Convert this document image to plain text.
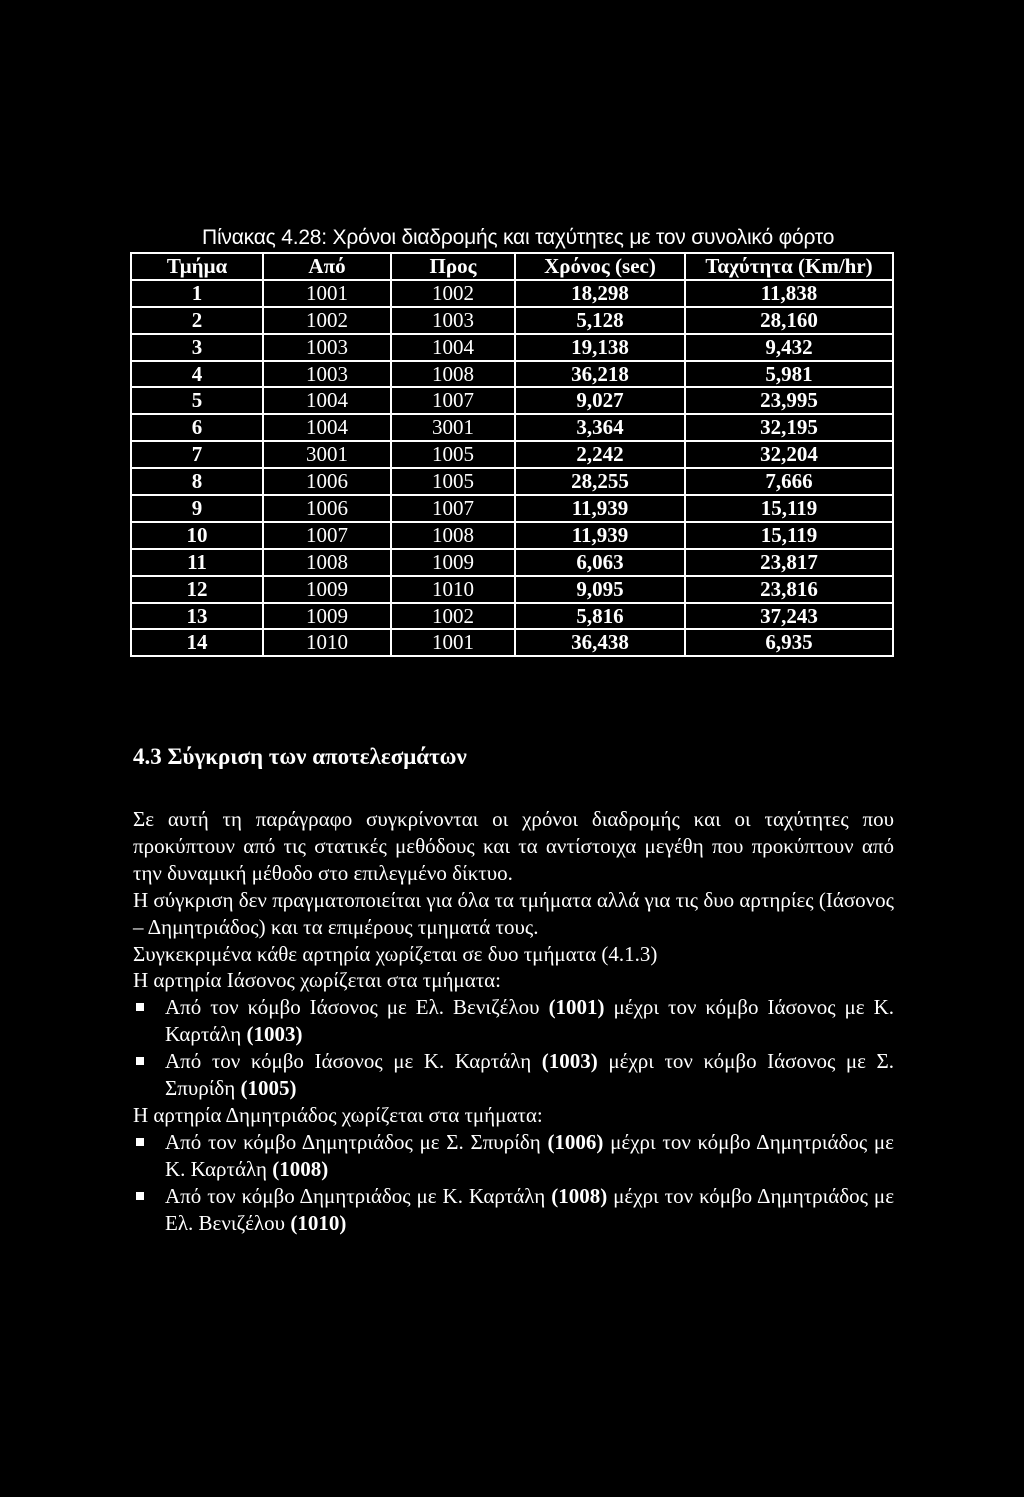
Πίνακας 4.28: Χρόνοι διαδρομής και ταχύτητες με τον συνολικό φόρτο
Τμήμα	Από	Προς	Χρόνος (sec)	Ταχύτητα (Km/hr)
1	1001	1002	18,298	11,838
2	1002	1003	5,128	28,160
3	1003	1004	19,138	9,432
4	1003	1008	36,218	5,981
5	1004	1007	9,027	23,995
6	1004	3001	3,364	32,195
7	3001	1005	2,242	32,204
8	1006	1005	28,255	7,666
9	1006	1007	11,939	15,119
10	1007	1008	11,939	15,119
11	1008	1009	6,063	23,817
12	1009	1010	9,095	23,816
13	1009	1002	5,816	37,243
14	1010	1001	36,438	6,935
4.3 Σύγκριση των αποτελεσμάτων

Σε αυτή τη παράγραφο συγκρίνονται οι χρόνοι διαδρομής και οι ταχύτητες που προκύπτουν από τις στατικές μεθόδους και τα αντίστοιχα μεγέθη που προκύπτουν από την δυναμική μέθοδο στο επιλεγμένο δίκτυο.

Η σύγκριση δεν πραγματοποιείται για όλα τα τμήματα αλλά για τις δυο αρτηρίες (Ιάσονος – Δημητριάδος) και τα επιμέρους τμηματά τους.

Συγκεκριμένα κάθε αρτηρία χωρίζεται σε δυο τμήματα (4.1.3)
Η αρτηρία Ιάσονος χωρίζεται στα τμήματα:
Από τον κόμβο Ιάσονος με Ελ. Βενιζέλου (1001) μέχρι τον κόμβο Ιάσονος με Κ. Καρτάλη (1003)
Από τον κόμβο Ιάσονος με Κ. Καρτάλη (1003) μέχρι τον κόμβο Ιάσονος με Σ. Σπυρίδη (1005)
Η αρτηρία Δημητριάδος χωρίζεται στα τμήματα:
Από τον κόμβο Δημητριάδος με Σ. Σπυρίδη (1006) μέχρι τον κόμβο Δημητριάδος με Κ. Καρτάλη (1008)
Από τον κόμβο Δημητριάδος με Κ. Καρτάλη (1008) μέχρι τον κόμβο Δημητριάδος με Ελ. Βενιζέλου (1010)
